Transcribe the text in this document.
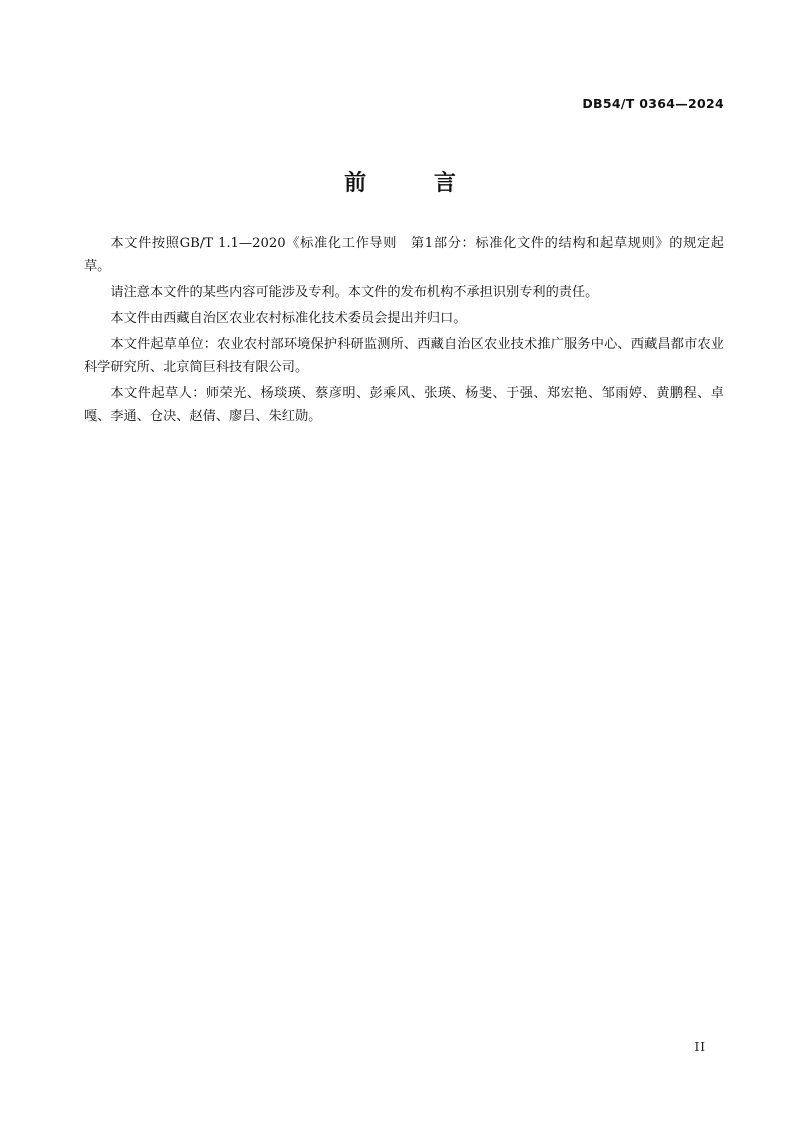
DB54/T 0364—2024
前 言

本文件按照GB/T 1.1—2020《标准化工作导则　第1部分：标准化文件的结构和起草规则》的规定起草。

请注意本文件的某些内容可能涉及专利。本文件的发布机构不承担识别专利的责任。

本文件由西藏自治区农业农村标准化技术委员会提出并归口。

本文件起草单位：农业农村部环境保护科研监测所、西藏自治区农业技术推广服务中心、西藏昌都市农业科学研究所、北京简巨科技有限公司。

本文件起草人：师荣光、杨琰瑛、蔡彦明、彭乘风、张瑛、杨斐、于强、郑宏艳、邹雨婷、黄鹏程、卓嘎、李通、仓决、赵倩、廖吕、朱红勋。

II
